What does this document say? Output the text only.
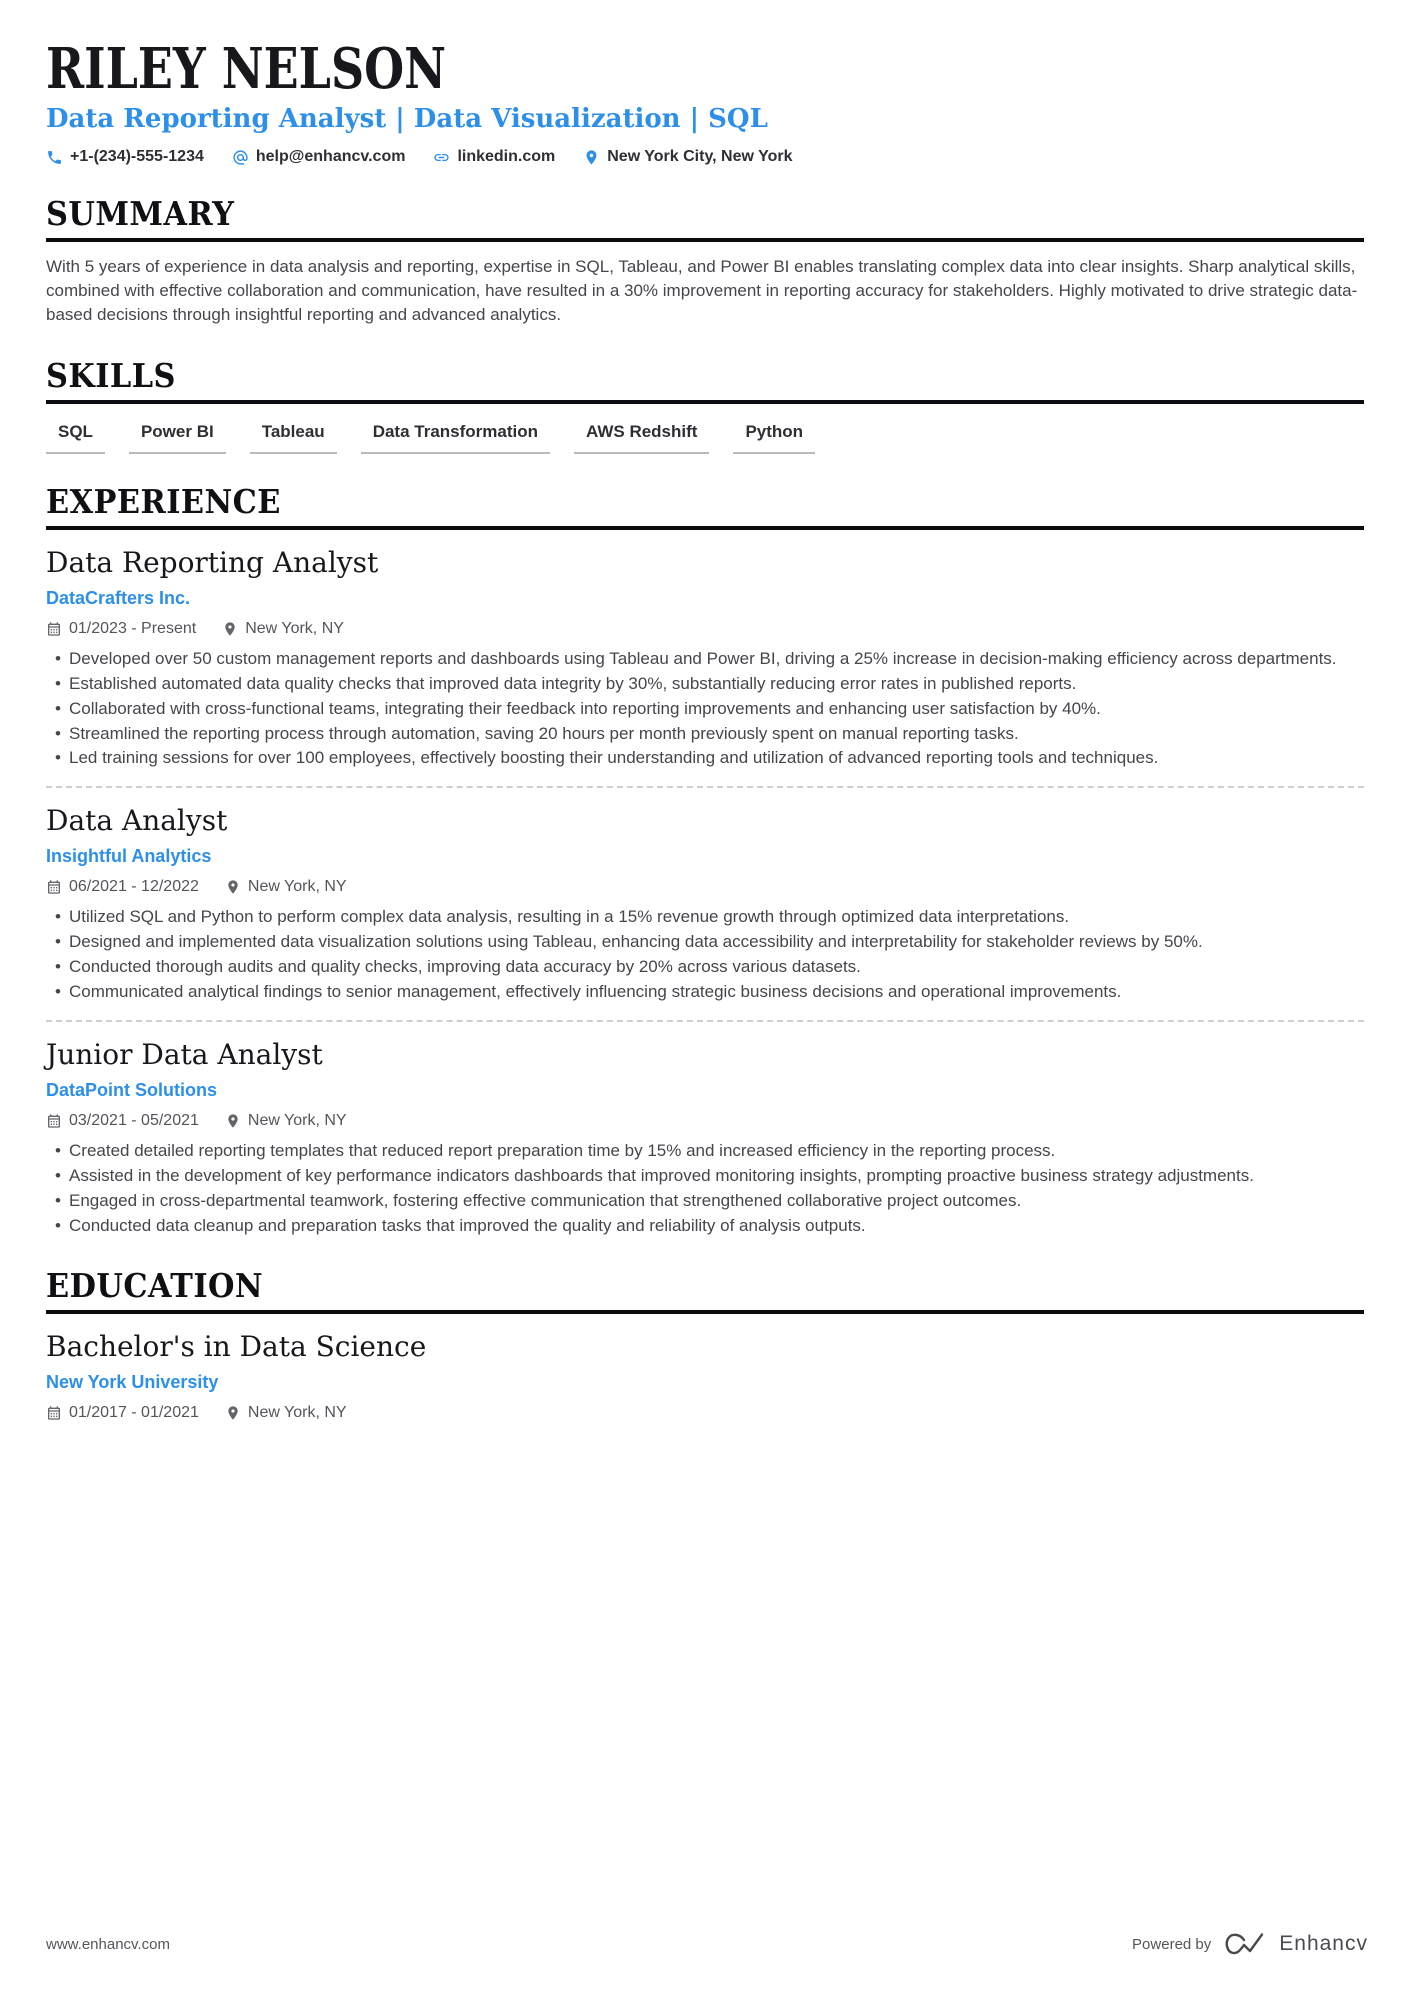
RILEY NELSON
Data Reporting Analyst | Data Visualization | SQL
+1-(234)-555-1234	help@enhancv.com	linkedin.com	New York City, New York
SUMMARY

With 5 years of experience in data analysis and reporting, expertise in SQL, Tableau, and Power BI enables translating complex data into clear insights. Sharp analytical skills, combined with effective collaboration and communication, have resulted in a 30% improvement in reporting accuracy for stakeholders. Highly motivated to drive strategic data-based decisions through insightful reporting and advanced analytics.

SKILLS
SQL	Power BI	Tableau	Data Transformation	AWS Redshift	Python
EXPERIENCE
Data Reporting Analyst
DataCrafters Inc.
01/2023 - Present	New York, NY
• Developed over 50 custom management reports and dashboards using Tableau and Power BI, driving a 25% increase in decision-making efficiency across departments.
• Established automated data quality checks that improved data integrity by 30%, substantially reducing error rates in published reports.
• Collaborated with cross-functional teams, integrating their feedback into reporting improvements and enhancing user satisfaction by 40%.
• Streamlined the reporting process through automation, saving 20 hours per month previously spent on manual reporting tasks.
• Led training sessions for over 100 employees, effectively boosting their understanding and utilization of advanced reporting tools and techniques.
Data Analyst
Insightful Analytics
06/2021 - 12/2022	New York, NY
• Utilized SQL and Python to perform complex data analysis, resulting in a 15% revenue growth through optimized data interpretations.
• Designed and implemented data visualization solutions using Tableau, enhancing data accessibility and interpretability for stakeholder reviews by 50%.
• Conducted thorough audits and quality checks, improving data accuracy by 20% across various datasets.
• Communicated analytical findings to senior management, effectively influencing strategic business decisions and operational improvements.
Junior Data Analyst
DataPoint Solutions
03/2021 - 05/2021	New York, NY
• Created detailed reporting templates that reduced report preparation time by 15% and increased efficiency in the reporting process.
• Assisted in the development of key performance indicators dashboards that improved monitoring insights, prompting proactive business strategy adjustments.
• Engaged in cross-departmental teamwork, fostering effective communication that strengthened collaborative project outcomes.
• Conducted data cleanup and preparation tasks that improved the quality and reliability of analysis outputs.
EDUCATION
Bachelor's in Data Science
New York University
01/2017 - 01/2021	New York, NY
www.enhancv.com	Powered by	Enhancv
